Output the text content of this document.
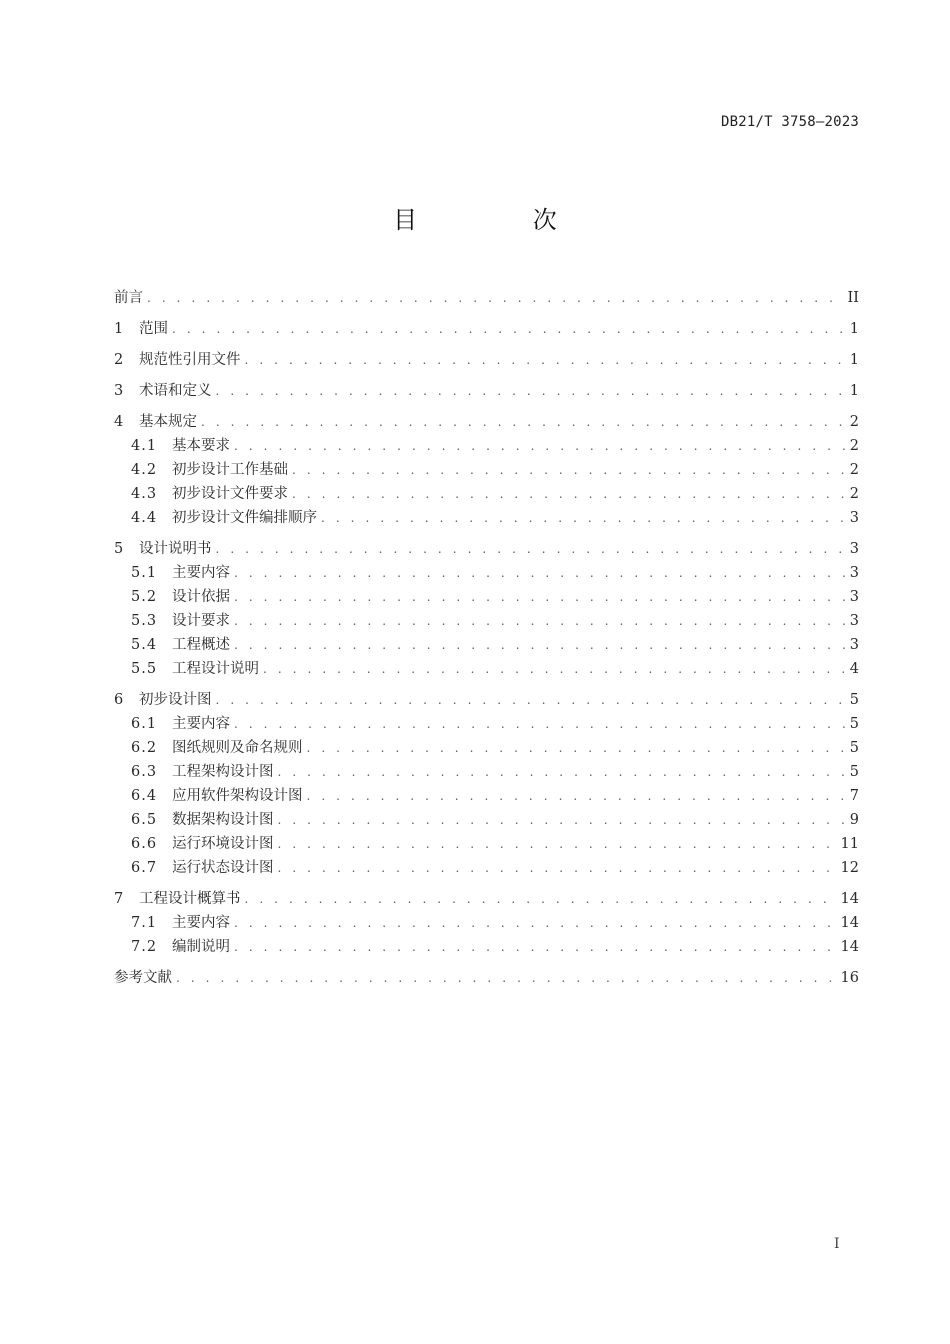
DB21/T 3758—2023
目 次
前言 . . .	II
1	范围 . . .	1
2	规范性引用文件 . . .	1
3	术语和定义 . . .	1
4	基本规定 . . .	2
4.1	基本要求 . . .	2
4.2	初步设计工作基础 . . .	2
4.3	初步设计文件要求 . . .	2
4.4	初步设计文件编排顺序 . . .	3
5	设计说明书 . . .	3
5.1	主要内容 . . .	3
5.2	设计依据 . . .	3
5.3	设计要求 . . .	3
5.4	工程概述 . . .	3
5.5	工程设计说明 . . .	4
6	初步设计图 . . .	5
6.1	主要内容 . . .	5
6.2	图纸规则及命名规则 . . .	5
6.3	工程架构设计图 . . .	5
6.4	应用软件架构设计图 . . .	7
6.5	数据架构设计图 . . .	9
6.6	运行环境设计图 . . .	11
6.7	运行状态设计图 . . .	12
7	工程设计概算书 . . .	14
7.1	主要内容 . . .	14
7.2	编制说明 . . .	14
参考文献 . . .	16
I
